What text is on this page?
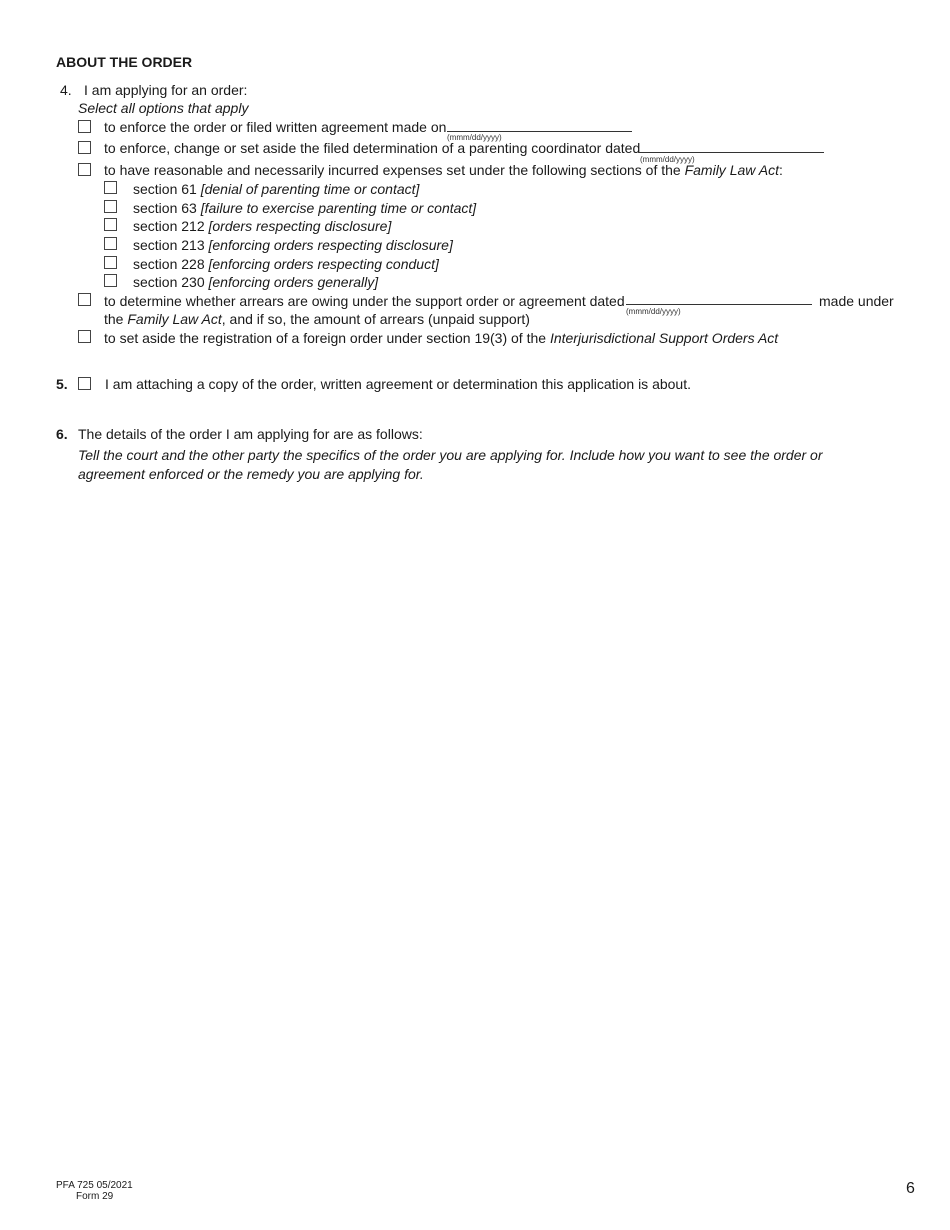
ABOUT THE ORDER
4. I am applying for an order:
Select all options that apply
to enforce the order or filed written agreement made on
(mmm/dd/yyyy)
to enforce, change or set aside the filed determination of a parenting coordinator dated
(mmm/dd/yyyy)
to have reasonable and necessarily incurred expenses set under the following sections of the Family Law Act:
section 61 [denial of parenting time or contact]
section 63 [failure to exercise parenting time or contact]
section 212 [orders respecting disclosure]
section 213 [enforcing orders respecting disclosure]
section 228 [enforcing orders respecting conduct]
section 230 [enforcing orders generally]
to determine whether arrears are owing under the support order or agreement dated
(mmm/dd/yyyy)
made under
the Family Law Act, and if so, the amount of arrears (unpaid support)
to set aside the registration of a foreign order under section 19(3) of the Interjurisdictional Support Orders Act
5.	I am attaching a copy of the order, written agreement or determination this application is about.
6. The details of the order I am applying for are as follows:
Tell the court and the other party the specifics of the order you are applying for. Include how you want to see the order or
agreement enforced or the remedy you are applying for.
PFA 725 05/2021
Form 29	6
